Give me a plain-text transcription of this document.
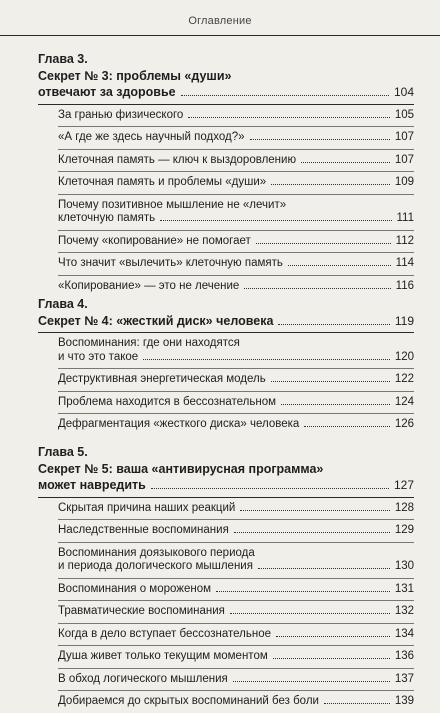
Оглавление
Глава 3.
Секрет № 3: проблемы «души»
отвечают за здоровье	104
За гранью физического	105
«А где же здесь научный подход?»	107
Клеточная память — ключ к выздоровлению	107
Клеточная память и проблемы «души»	109
Почему позитивное мышление не «лечит»
клеточную память	111
Почему «копирование» не помогает	112
Что значит «вылечить» клеточную память	114
«Копирование» — это не лечение	116
Глава 4.
Секрет № 4: «жесткий диск» человека	119
Воспоминания: где они находятся
и что это такое	120
Деструктивная энергетическая модель	122
Проблема находится в бессознательном	124
Дефрагментация «жесткого диска» человека	126
Глава 5.
Секрет № 5: ваша «антивирусная программа»
может навредить	127
Скрытая причина наших реакций	128
Наследственные воспоминания	129
Воспоминания доязыкового периода
и периода дологического мышления	130
Воспоминания о мороженом	131
Травматические воспоминания	132
Когда в дело вступает бессознательное	134
Душа живет только текущим моментом	136
В обход логического мышления	137
Добираемся до скрытых воспоминаний без боли	139
